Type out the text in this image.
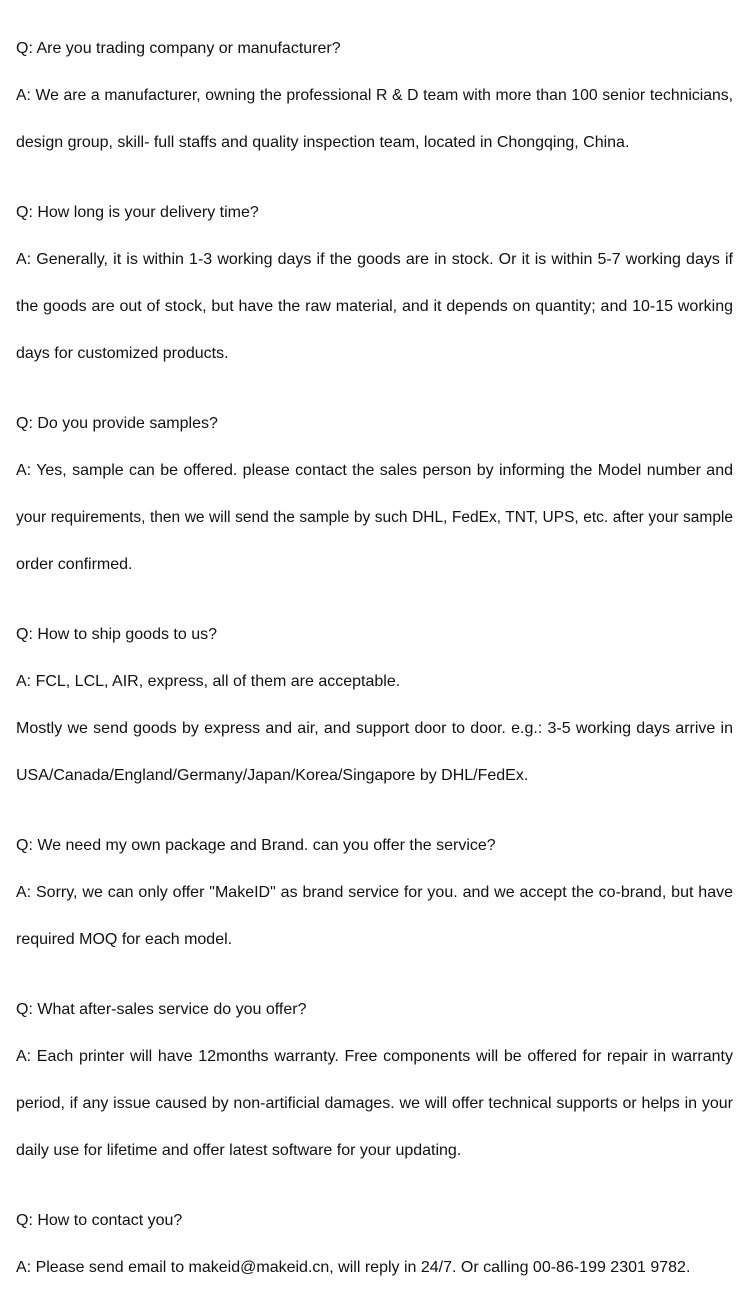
Q: Are you trading company or manufacturer?
A: We are a manufacturer, owning the professional R & D team with more than 100 senior technicians,
design group, skill- full staffs and quality inspection team, located in Chongqing, China.
Q: How long is your delivery time?
A: Generally, it is within 1-3 working days if the goods are in stock. Or it is within 5-7 working days if
the goods are out of stock, but have the raw material, and it depends on quantity; and 10-15 working
days for customized products.
Q: Do you provide samples?
A: Yes, sample can be offered. please contact the sales person by informing the Model number and
your requirements, then we will send the sample by such DHL, FedEx, TNT, UPS, etc. after your sample
order confirmed.
Q: How to ship goods to us?
A: FCL, LCL, AIR, express, all of them are acceptable.
Mostly we send goods by express and air, and support door to door. e.g.: 3-5 working days arrive in
USA/Canada/England/Germany/Japan/Korea/Singapore by DHL/FedEx.
Q: We need my own package and Brand. can you offer the service?
A: Sorry, we can only offer "MakeID" as brand service for you. and we accept the co-brand, but have
required MOQ for each model.
Q: What after-sales service do you offer?
A: Each printer will have 12months warranty. Free components will be offered for repair in warranty
period, if any issue caused by non-artificial damages. we will offer technical supports or helps in your
daily use for lifetime and offer latest software for your updating.
Q: How to contact you?
A: Please send email to makeid@makeid.cn, will reply in 24/7. Or calling 00-86-199 2301 9782.
